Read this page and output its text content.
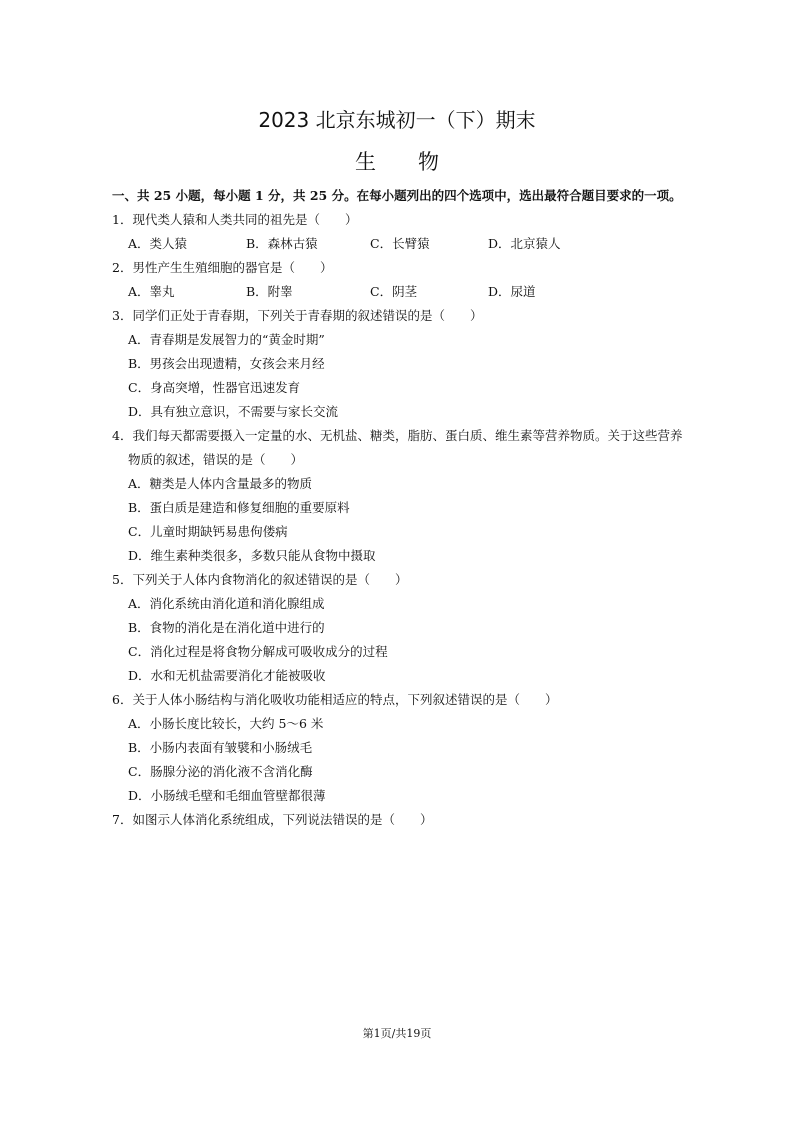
2023 北京东城初一（下）期末
生物
一、共 25 小题，每小题 1 分，共 25 分。在每小题列出的四个选项中，选出最符合题目要求的一项。
1．现代类人猿和人类共同的祖先是（　　）
A．类人猿	B．森林古猿	C．长臂猿	D．北京猿人
2．男性产生生殖细胞的器官是（　　）
A．睾丸	B．附睾	C．阴茎	D．尿道
3．同学们正处于青春期，下列关于青春期的叙述错误的是（　　）
A．青春期是发展智力的“黄金时期”
B．男孩会出现遗精，女孩会来月经
C．身高突增，性器官迅速发育
D．具有独立意识，不需要与家长交流
4．我们每天都需要摄入一定量的水、无机盐、糖类，脂肪、蛋白质、维生素等营养物质。关于这些营养
物质的叙述，错误的是（　　）
A．糖类是人体内含量最多的物质
B．蛋白质是建造和修复细胞的重要原料
C．儿童时期缺钙易患佝偻病
D．维生素种类很多，多数只能从食物中摄取
5．下列关于人体内食物消化的叙述错误的是（　　）
A．消化系统由消化道和消化腺组成
B．食物的消化是在消化道中进行的
C．消化过程是将食物分解成可吸收成分的过程
D．水和无机盐需要消化才能被吸收
6．关于人体小肠结构与消化吸收功能相适应的特点，下列叙述错误的是（　　）
A．小肠长度比较长，大约 5～6 米
B．小肠内表面有皱襞和小肠绒毛
C．肠腺分泌的消化液不含消化酶
D．小肠绒毛壁和毛细血管壁都很薄
7．如图示人体消化系统组成，下列说法错误的是（　　）
第1页/共19页
